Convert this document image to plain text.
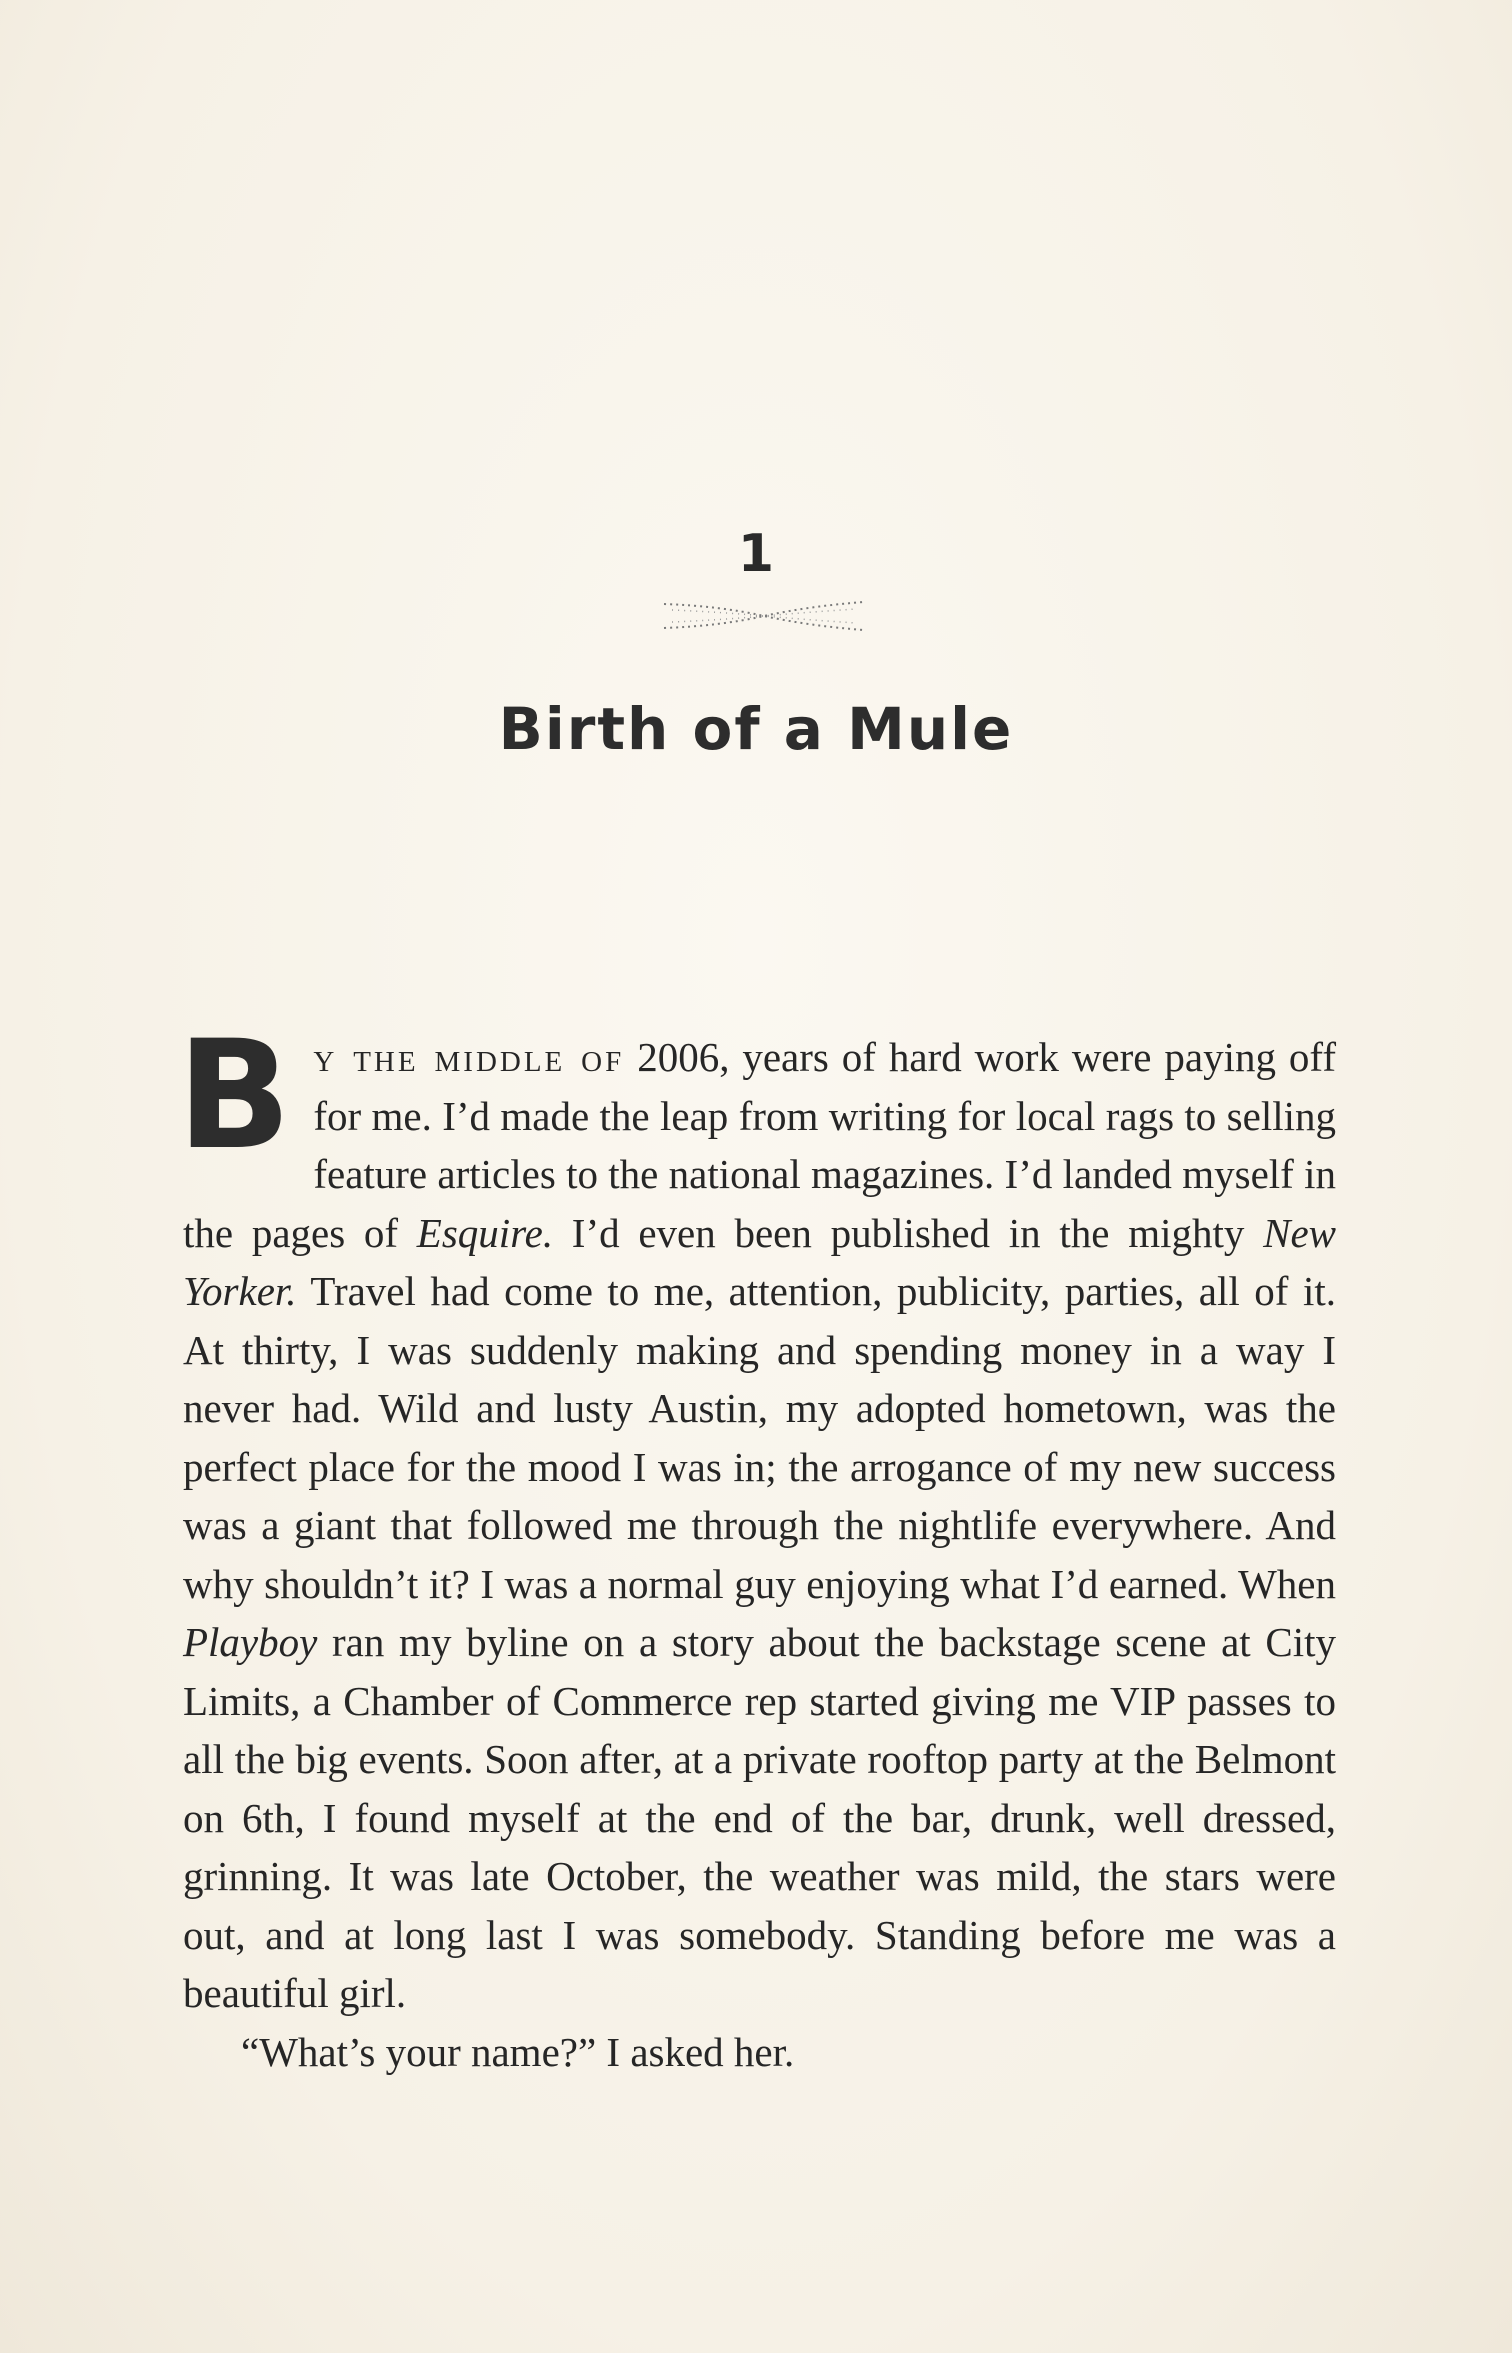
1
Birth of a Mule

By the middle of 2006, years of hard work were paying off for me. I’d made the leap from writing for local rags to selling feature articles to the national magazines. I’d landed myself in the pages of Esquire. I’d even been published in the mighty New Yorker. Travel had come to me, attention, publicity, parties, all of it. At thirty, I was suddenly making and spending money in a way I never had. Wild and lusty Austin, my adopted hometown, was the perfect place for the mood I was in; the arrogance of my new success was a giant that followed me through the nightlife everywhere. And why shouldn’t it? I was a normal guy enjoying what I’d earned. When Playboy ran my byline on a story about the backstage scene at City Limits, a Chamber of Commerce rep started giving me VIP passes to all the big events. Soon after, at a private rooftop party at the Belmont on 6th, I found myself at the end of the bar, drunk, well dressed, grinning. It was late October, the weather was mild, the stars were out, and at long last I was somebody. Standing before me was a beautiful girl.

“What’s your name?” I asked her.
